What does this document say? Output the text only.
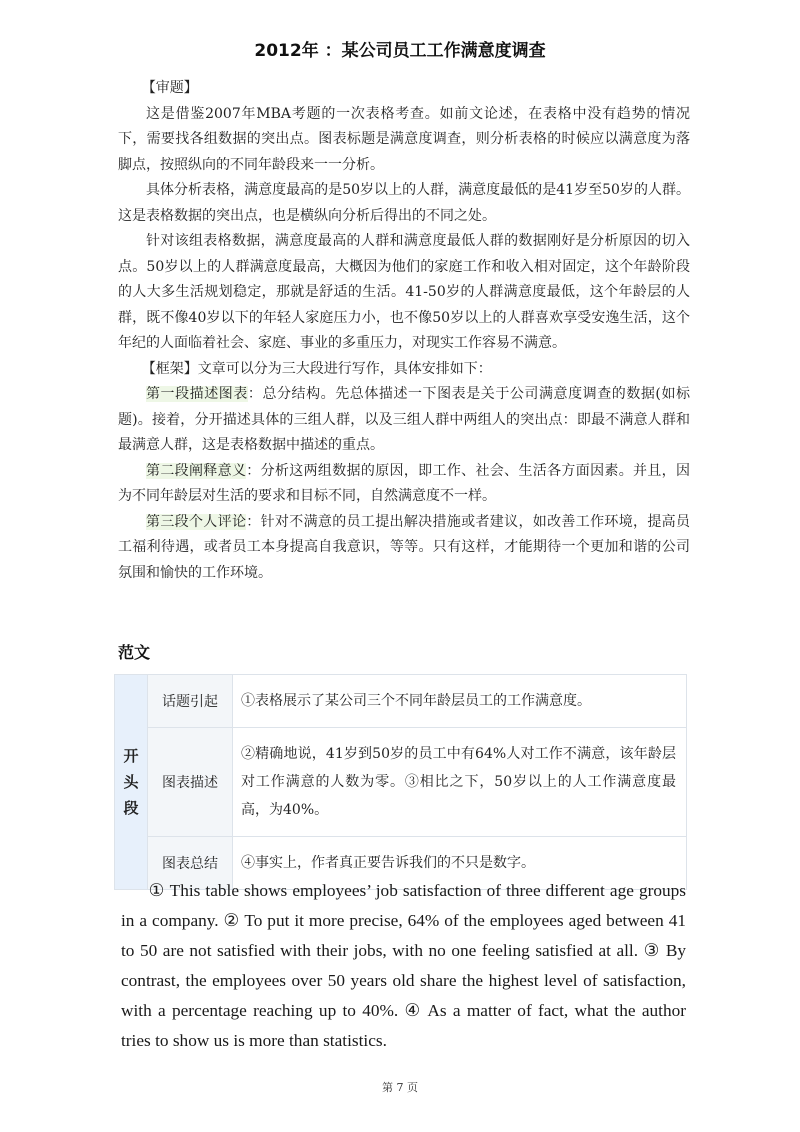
2012年 ：某公司员工工作满意度调查

【审题】

这是借鉴2007年MBA考题的一次表格考查。如前文论述，在表格中没有趋势的情况下，需要找各组数据的突出点。图表标题是满意度调查，则分析表格的时候应以满意度为落脚点，按照纵向的不同年龄段来一一分析。

具体分析表格，满意度最高的是50岁以上的人群，满意度最低的是41岁至50岁的人群。这是表格数据的突出点，也是横纵向分析后得出的不同之处。

针对该组表格数据，满意度最高的人群和满意度最低人群的数据刚好是分析原因的切入点。50岁以上的人群满意度最高，大概因为他们的家庭工作和收入相对固定，这个年龄阶段的人大多生活规划稳定，那就是舒适的生活。41-50岁的人群满意度最低，这个年龄层的人群，既不像40岁以下的年轻人家庭压力小，也不像50岁以上的人群喜欢享受安逸生活，这个年纪的人面临着社会、家庭、事业的多重压力，对现实工作容易不满意。

【框架】文章可以分为三大段进行写作，具体安排如下：

第一段描述图表：总分结构。先总体描述一下图表是关于公司满意度调查的数据(如标题)。接着，分开描述具体的三组人群，以及三组人群中两组人的突出点：即最不满意人群和最满意人群，这是表格数据中描述的重点。

第二段阐释意义：分析这两组数据的原因，即工作、社会、生活各方面因素。并且，因为不同年龄层对生活的要求和目标不同，自然满意度不一样。

第三段个人评论：针对不满意的员工提出解决措施或者建议，如改善工作环境，提高员工福利待遇，或者员工本身提高自我意识，等等。只有这样，才能期待一个更加和谐的公司氛围和愉快的工作环境。

范文
开
头
段	话题引起	①表格展示了某公司三个不同年龄层员工的工作满意度。
	图表描述	②精确地说，41岁到50岁的员工中有64%人对工作不满意，该年龄层对工作满意的人数为零。③相比之下，50岁以上的人工作满意度最高，为40%。
	图表总结	④事实上，作者真正要告诉我们的不只是数字。

① This table shows employees’ job satisfaction of three different age groups in a company. ② To put it more precise, 64% of the employees aged between 41 to 50 are not satisfied with their jobs, with no one feeling satisfied at all. ③ By contrast, the employees over 50 years old share the highest level of satisfaction, with a percentage reaching up to 40%. ④ As a matter of fact, what the author tries to show us is more than statistics.

第 7 页
